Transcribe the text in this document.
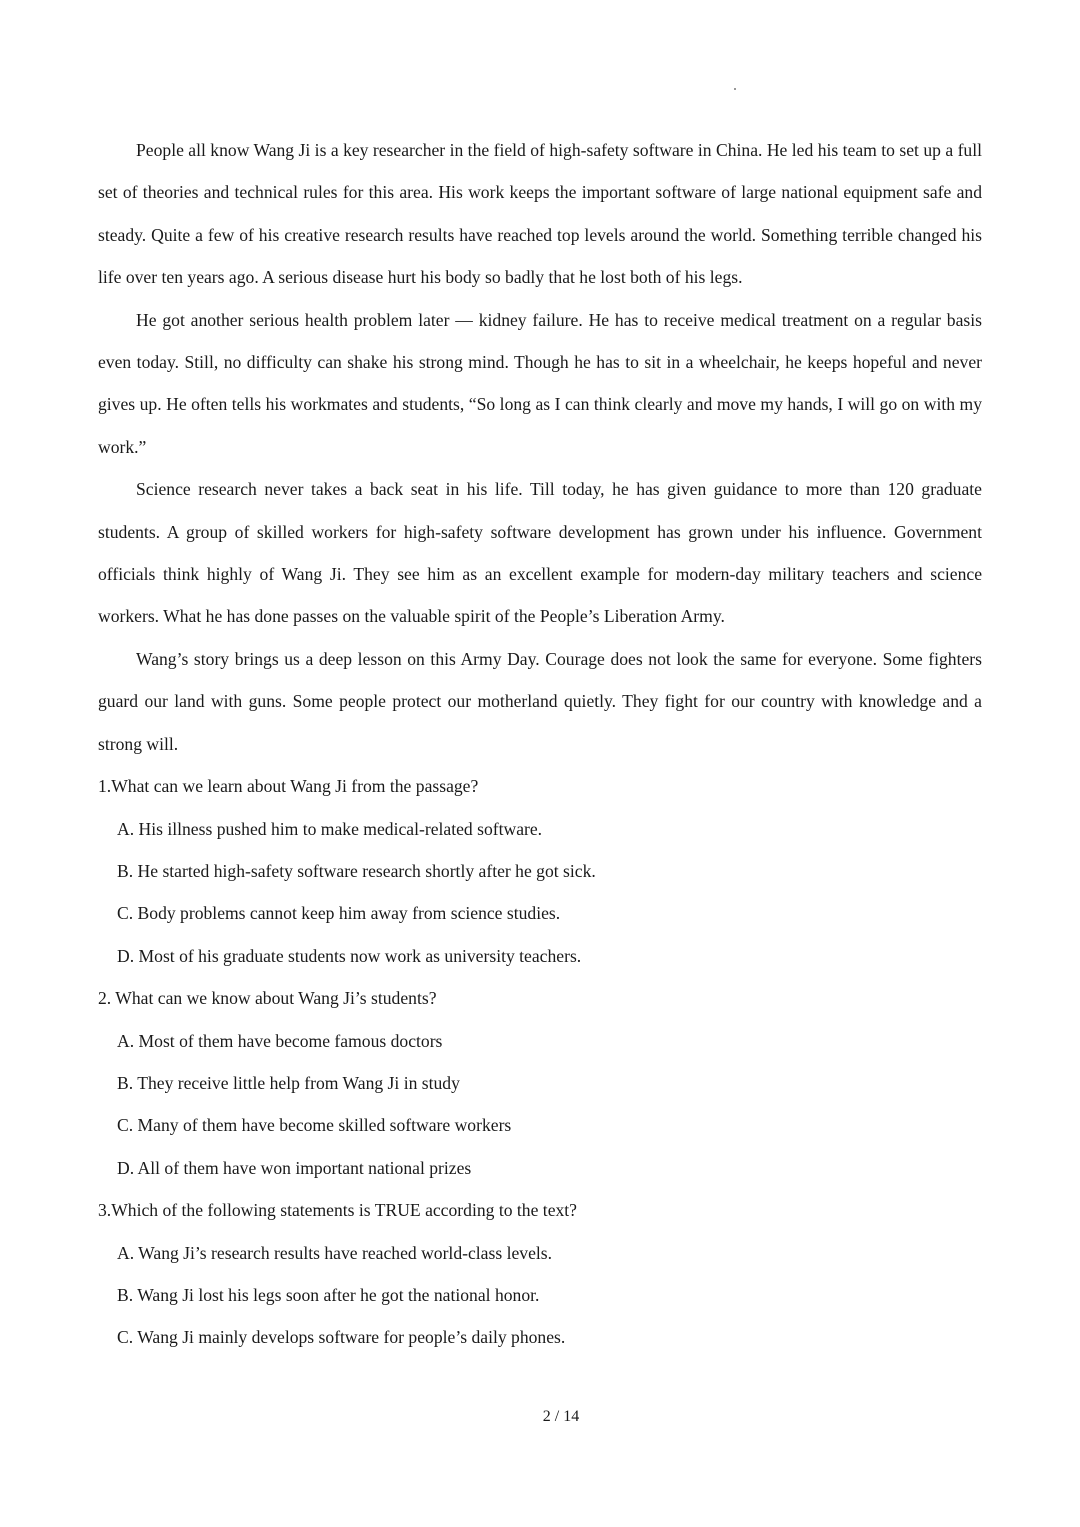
People all know Wang Ji is a key researcher in the field of high-safety software in China. He led his team to set up a full set of theories and technical rules for this area. His work keeps the important software of large national equipment safe and steady. Quite a few of his creative research results have reached top levels around the world. Something terrible changed his life over ten years ago. A serious disease hurt his body so badly that he lost both of his legs.

He got another serious health problem later — kidney failure. He has to receive medical treatment on a regular basis even today. Still, no difficulty can shake his strong mind. Though he has to sit in a wheelchair, he keeps hopeful and never gives up. He often tells his workmates and students, “So long as I can think clearly and move my hands, I will go on with my work.”

Science research never takes a back seat in his life. Till today, he has given guidance to more than 120 graduate students. A group of skilled workers for high-safety software development has grown under his influence. Government officials think highly of Wang Ji. They see him as an excellent example for modern-day military teachers and science workers. What he has done passes on the valuable spirit of the People’s Liberation Army.

Wang’s story brings us a deep lesson on this Army Day. Courage does not look the same for everyone. Some fighters guard our land with guns. Some people protect our motherland quietly. They fight for our country with knowledge and a strong will.

1.What can we learn about Wang Ji from the passage?

A. His illness pushed him to make medical-related software.

B. He started high-safety software research shortly after he got sick.

C. Body problems cannot keep him away from science studies.

D. Most of his graduate students now work as university teachers.

2. What can we know about Wang Ji’s students?

A. Most of them have become famous doctors

B. They receive little help from Wang Ji in study

C. Many of them have become skilled software workers

D. All of them have won important national prizes

3.Which of the following statements is TRUE according to the text?

A. Wang Ji’s research results have reached world-class levels.

B. Wang Ji lost his legs soon after he got the national honor.

C. Wang Ji mainly develops software for people’s daily phones.

2 / 14
